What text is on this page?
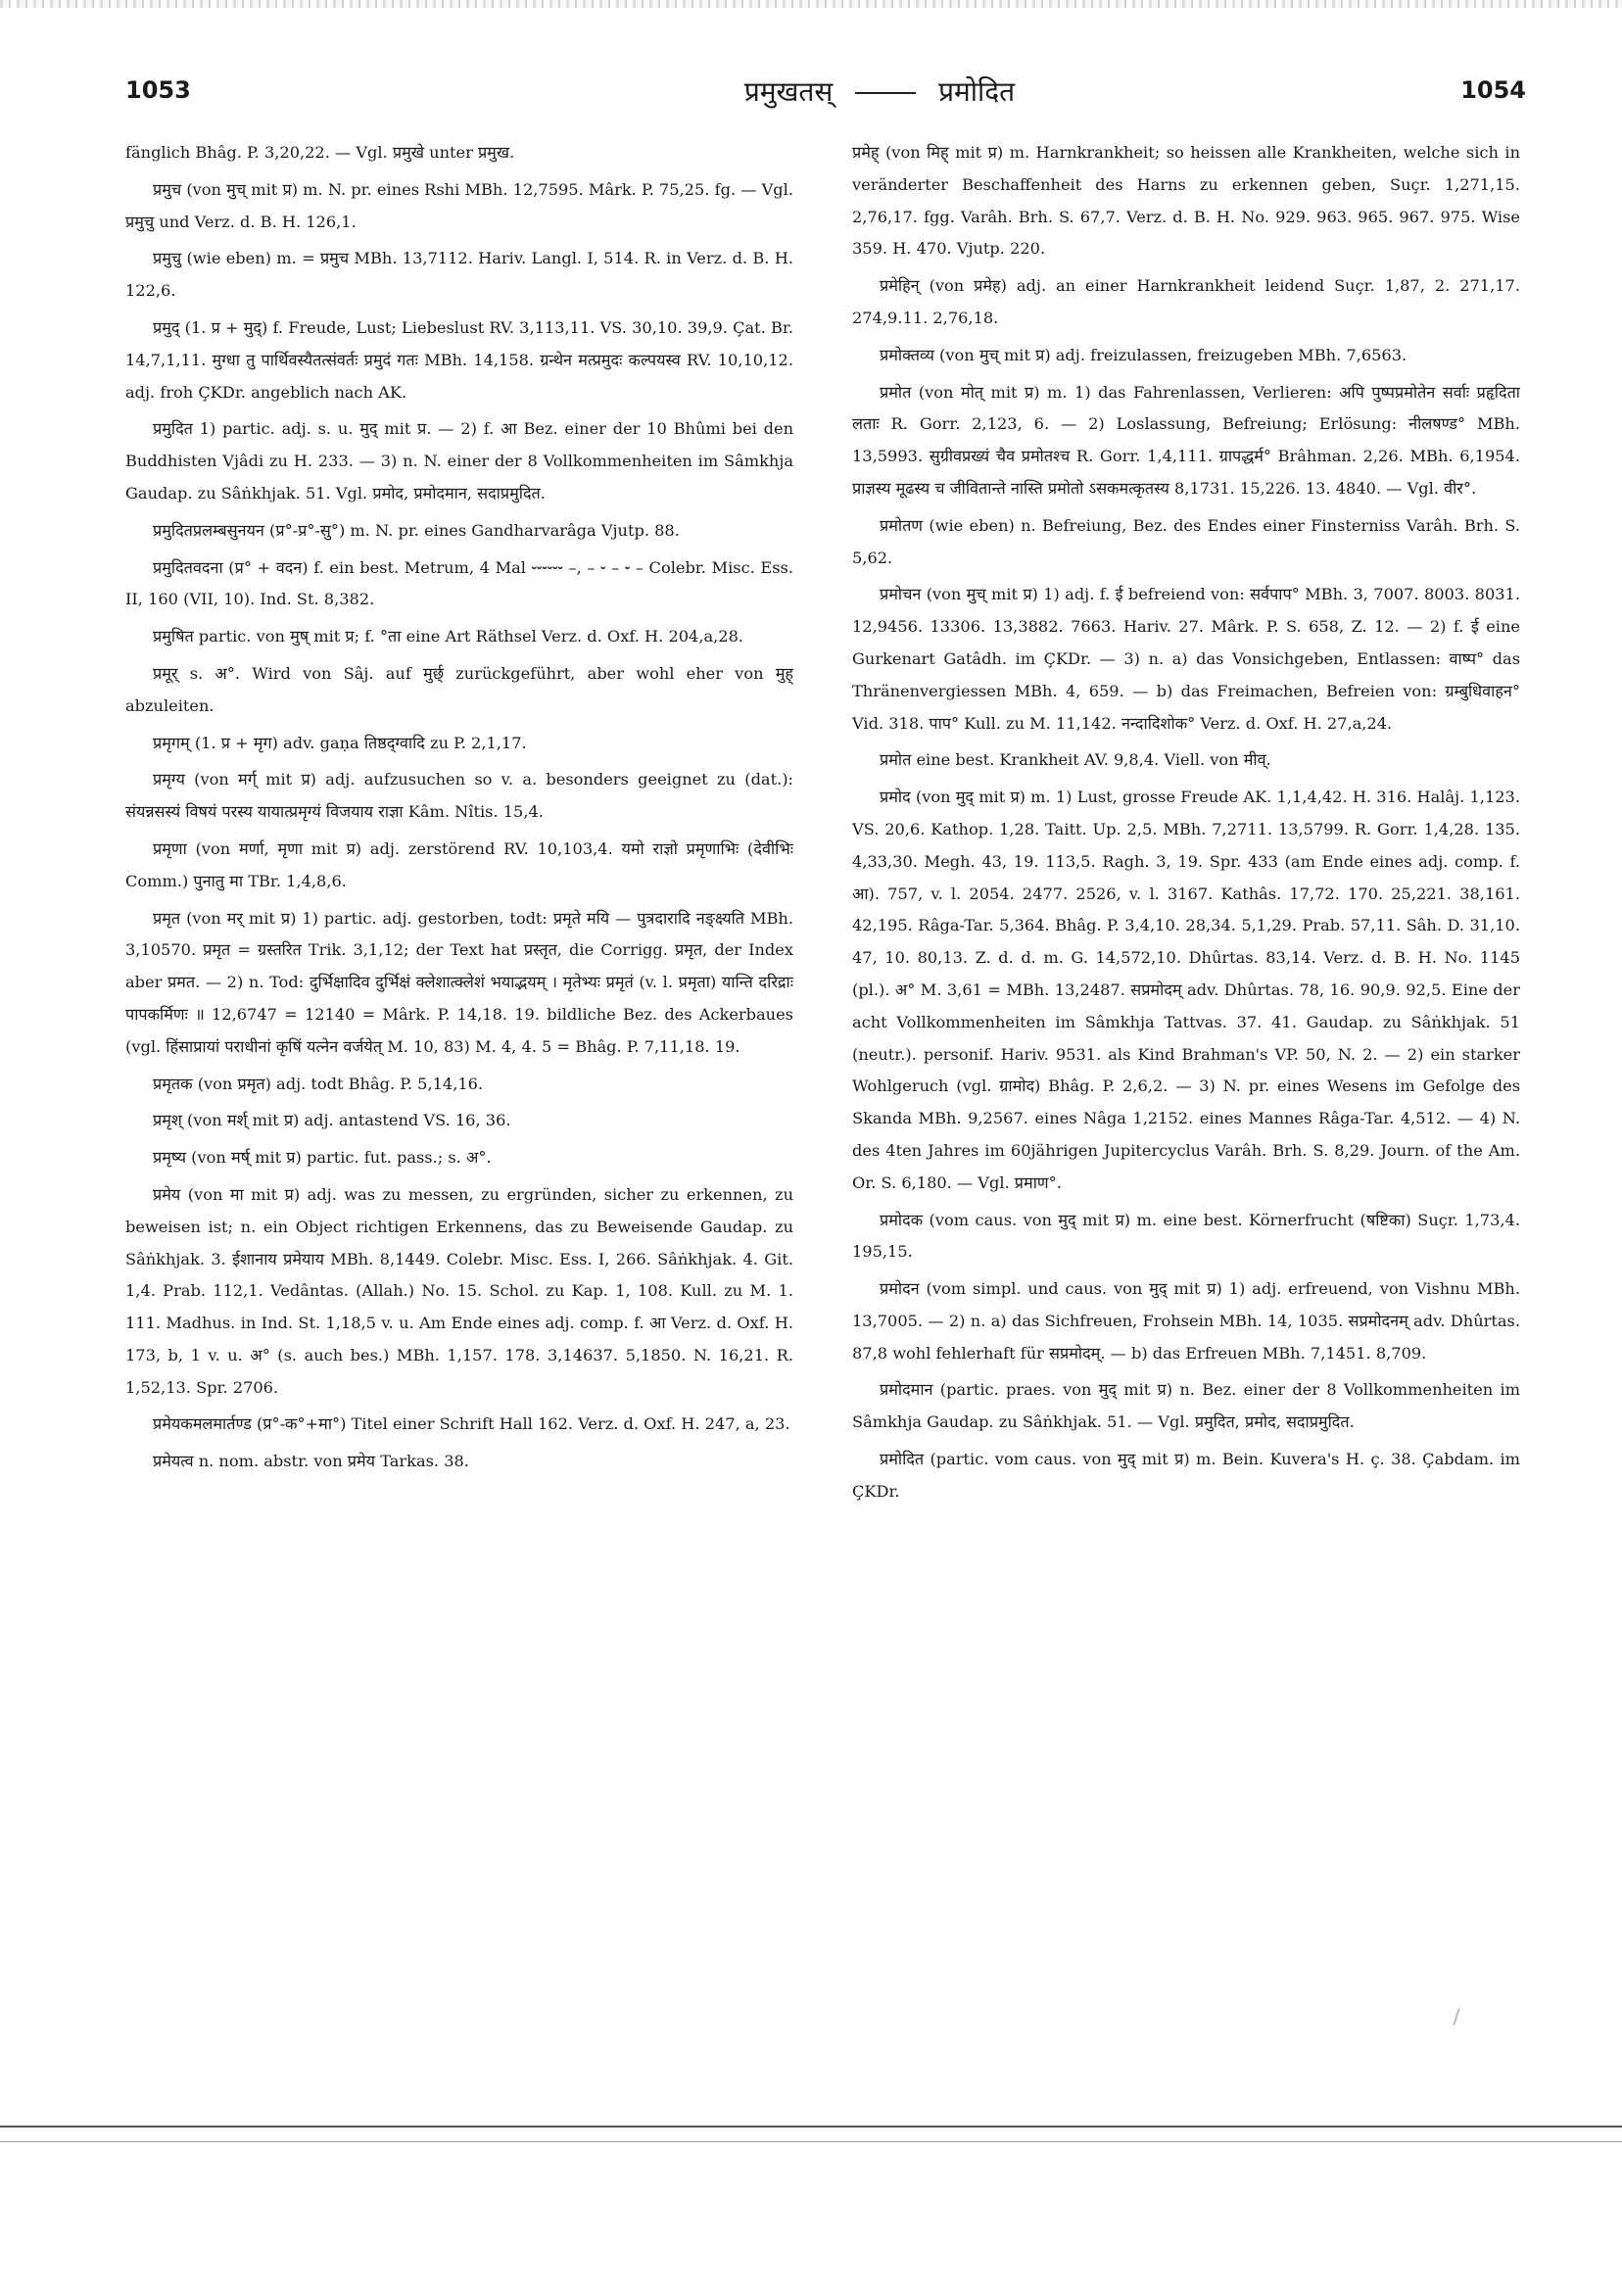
1053	प्रमुखतस्	प्रमोदित	1054

fänglich Bhâg. P. 3,20,22. — Vgl. प्रमुखे unter प्रमुख.

प्रमुच (von मुच् mit प्र) m. N. pr. eines Rshi MBh. 12,7595. Mârk. P. 75,25. fg. — Vgl. प्रमुचु und Verz. d. B. H. 126,1.

प्रमुचु (wie eben) m. = प्रमुच MBh. 13,7112. Hariv. Langl. I, 514. R. in Verz. d. B. H. 122,6.

प्रमुद् (1. प्र + मुद्) f. Freude, Lust; Liebeslust RV. 3,113,11. VS. 30,10. 39,9. Çat. Br. 14,7,1,11. मुग्धा तु पार्थिवस्यैतत्संवर्तः प्रमुदं गतः MBh. 14,158. ग्रन्थेन मत्प्रमुदः कल्पयस्व RV. 10,10,12. adj. froh ÇKDr. angeblich nach AK.

प्रमुदित 1) partic. adj. s. u. मुद् mit प्र. — 2) f. आ Bez. einer der 10 Bhûmi bei den Buddhisten Vjâdi zu H. 233. — 3) n. N. einer der 8 Vollkommenheiten im Sâmkhja Gaudap. zu Sâṅkhjak. 51. Vgl. प्रमोद, प्रमोदमान, सदाप्रमुदित.

प्रमुदितप्रलम्बसुनयन (प्र°-प्र°-सु°) m. N. pr. eines Gandharvarâga Vjutp. 88.

प्रमुदितवदना (प्र° + वदन) f. ein best. Metrum, 4 Mal ⏑⏑⏑⏑⏑⏑ –, – ⏑ – ⏑ – Colebr. Misc. Ess. II, 160 (VII, 10). Ind. St. 8,382.

प्रमुषित partic. von मुष् mit प्र; f. °ता eine Art Räthsel Verz. d. Oxf. H. 204,a,28.

प्रमूर् s. अ°. Wird von Sâj. auf मुर्छ् zurückgeführt, aber wohl eher von मुह् abzuleiten.

प्रमृगम् (1. प्र + मृग) adv. gaṇa तिष्ठद्ग्वादि zu P. 2,1,17.

प्रमृग्य (von मर्ग् mit प्र) adj. aufzusuchen so v. a. besonders geeignet zu (dat.): संयन्नसस्यं विषयं परस्य यायात्प्रमृग्यं विजयाय राज्ञा Kâm. Nîtis. 15,4.

प्रमृणा (von मर्णा, मृणा mit प्र) adj. zerstörend RV. 10,103,4. यमो राज्ञो प्रमृणाभिः (देवीभिः Comm.) पुनातु मा TBr. 1,4,8,6.

प्रमृत (von मर् mit प्र) 1) partic. adj. gestorben, todt: प्रमृते मयि — पुत्रदारादि नङ्क्ष्यति MBh. 3,10570. प्रमृत = ग्रस्तरित Trik. 3,1,12; der Text hat प्रस्तृत, die Corrigg. प्रमृत, der Index aber प्रमत. — 2) n. Tod: दुर्भिक्षादिव दुर्भिक्षं क्लेशात्क्लेशं भयाद्भयम् । मृतेभ्यः प्रमृतं (v. l. प्रमृता) यान्ति दरिद्राः पापकर्मिणः ॥ 12,6747 = 12140 = Mârk. P. 14,18. 19. bildliche Bez. des Ackerbaues (vgl. हिंसाप्रायां पराधीनां कृषिं यत्नेन वर्जयेत् M. 10, 83) M. 4, 4. 5 = Bhâg. P. 7,11,18. 19.

प्रमृतक (von प्रमृत) adj. todt Bhâg. P. 5,14,16.

प्रमृश् (von मर्श् mit प्र) adj. antastend VS. 16, 36.

प्रमृष्य (von मर्ष् mit प्र) partic. fut. pass.; s. अ°.

प्रमेय (von मा mit प्र) adj. was zu messen, zu ergründen, sicher zu erkennen, zu beweisen ist; n. ein Object richtigen Erkennens, das zu Beweisende Gaudap. zu Sâṅkhjak. 3. ईशानाय प्रमेयाय MBh. 8,1449. Colebr. Misc. Ess. I, 266. Sâṅkhjak. 4. Git. 1,4. Prab. 112,1. Vedântas. (Allah.) No. 15. Schol. zu Kap. 1, 108. Kull. zu M. 1. 111. Madhus. in Ind. St. 1,18,5 v. u. Am Ende eines adj. comp. f. आ Verz. d. Oxf. H. 173, b, 1 v. u. अ° (s. auch bes.) MBh. 1,157. 178. 3,14637. 5,1850. N. 16,21. R. 1,52,13. Spr. 2706.

प्रमेयकमलमार्तण्ड (प्र°-क°+मा°) Titel einer Schrift Hall 162. Verz. d. Oxf. H. 247, a, 23.

प्रमेयत्व n. nom. abstr. von प्रमेय Tarkas. 38.

प्रमेह् (von मिह् mit प्र) m. Harnkrankheit; so heissen alle Krankheiten, welche sich in veränderter Beschaffenheit des Harns zu erkennen geben, Suçr. 1,271,15. 2,76,17. fgg. Varâh. Brh. S. 67,7. Verz. d. B. H. No. 929. 963. 965. 967. 975. Wise 359. H. 470. Vjutp. 220.

प्रमेहिन् (von प्रमेह) adj. an einer Harnkrankheit leidend Suçr. 1,87, 2. 271,17. 274,9.11. 2,76,18.

प्रमोक्तव्य (von मुच् mit प्र) adj. freizulassen, freizugeben MBh. 7,6563.

प्रमोत (von मोत् mit प्र) m. 1) das Fahrenlassen, Verlieren: अपि पुष्पप्रमोतेन सर्वाः प्रहृदिता लताः R. Gorr. 2,123, 6. — 2) Loslassung, Befreiung; Erlösung: नीलषण्ड° MBh. 13,5993. सुग्रीवप्रख्यं चैव प्रमोतश्च R. Gorr. 1,4,111. ग्रापद्धर्म° Brâhman. 2,26. MBh. 6,1954. प्राज्ञस्य मूढस्य च जीवितान्ते नास्ति प्रमोतो ऽसकमत्कृतस्य 8,1731. 15,226. 13. 4840. — Vgl. वीर°.

प्रमोतण (wie eben) n. Befreiung, Bez. des Endes einer Finsterniss Varâh. Brh. S. 5,62.

प्रमोचन (von मुच् mit प्र) 1) adj. f. ई befreiend von: सर्वपाप° MBh. 3, 7007. 8003. 8031. 12,9456. 13306. 13,3882. 7663. Hariv. 27. Mârk. P. S. 658, Z. 12. — 2) f. ई eine Gurkenart Gatâdh. im ÇKDr. — 3) n. a) das Vonsichgeben, Entlassen: वाष्प° das Thränenvergiessen MBh. 4, 659. — b) das Freimachen, Befreien von: ग्रम्बुधिवाहन° Vid. 318. पाप° Kull. zu M. 11,142. नन्दादिशोक° Verz. d. Oxf. H. 27,a,24.

प्रमोत eine best. Krankheit AV. 9,8,4. Viell. von मीव्.

प्रमोद (von मुद् mit प्र) m. 1) Lust, grosse Freude AK. 1,1,4,42. H. 316. Halâj. 1,123. VS. 20,6. Kathop. 1,28. Taitt. Up. 2,5. MBh. 7,2711. 13,5799. R. Gorr. 1,4,28. 135. 4,33,30. Megh. 43, 19. 113,5. Ragh. 3, 19. Spr. 433 (am Ende eines adj. comp. f. आ). 757, v. l. 2054. 2477. 2526, v. l. 3167. Kathâs. 17,72. 170. 25,221. 38,161. 42,195. Râga-Tar. 5,364. Bhâg. P. 3,4,10. 28,34. 5,1,29. Prab. 57,11. Sâh. D. 31,10. 47, 10. 80,13. Z. d. d. m. G. 14,572,10. Dhûrtas. 83,14. Verz. d. B. H. No. 1145 (pl.). अ° M. 3,61 = MBh. 13,2487. सप्रमोदम् adv. Dhûrtas. 78, 16. 90,9. 92,5. Eine der acht Vollkommenheiten im Sâmkhja Tattvas. 37. 41. Gaudap. zu Sâṅkhjak. 51 (neutr.). personif. Hariv. 9531. als Kind Brahman's VP. 50, N. 2. — 2) ein starker Wohlgeruch (vgl. ग्रामोद) Bhâg. P. 2,6,2. — 3) N. pr. eines Wesens im Gefolge des Skanda MBh. 9,2567. eines Nâga 1,2152. eines Mannes Râga-Tar. 4,512. — 4) N. des 4ten Jahres im 60jährigen Jupitercyclus Varâh. Brh. S. 8,29. Journ. of the Am. Or. S. 6,180. — Vgl. प्रमाण°.

प्रमोदक (vom caus. von मुद् mit प्र) m. eine best. Körnerfrucht (षष्टिका) Suçr. 1,73,4. 195,15.

प्रमोदन (vom simpl. und caus. von मुद् mit प्र) 1) adj. erfreuend, von Vishnu MBh. 13,7005. — 2) n. a) das Sichfreuen, Frohsein MBh. 14, 1035. सप्रमोदनम् adv. Dhûrtas. 87,8 wohl fehlerhaft für सप्रमोदम्. — b) das Erfreuen MBh. 7,1451. 8,709.

प्रमोदमान (partic. praes. von मुद् mit प्र) n. Bez. einer der 8 Vollkommenheiten im Sâmkhja Gaudap. zu Sâṅkhjak. 51. — Vgl. प्रमुदित, प्रमोद, सदाप्रमुदित.

प्रमोदित (partic. vom caus. von मुद् mit प्र) m. Bein. Kuvera's H. ç. 38. Çabdam. im ÇKDr.
